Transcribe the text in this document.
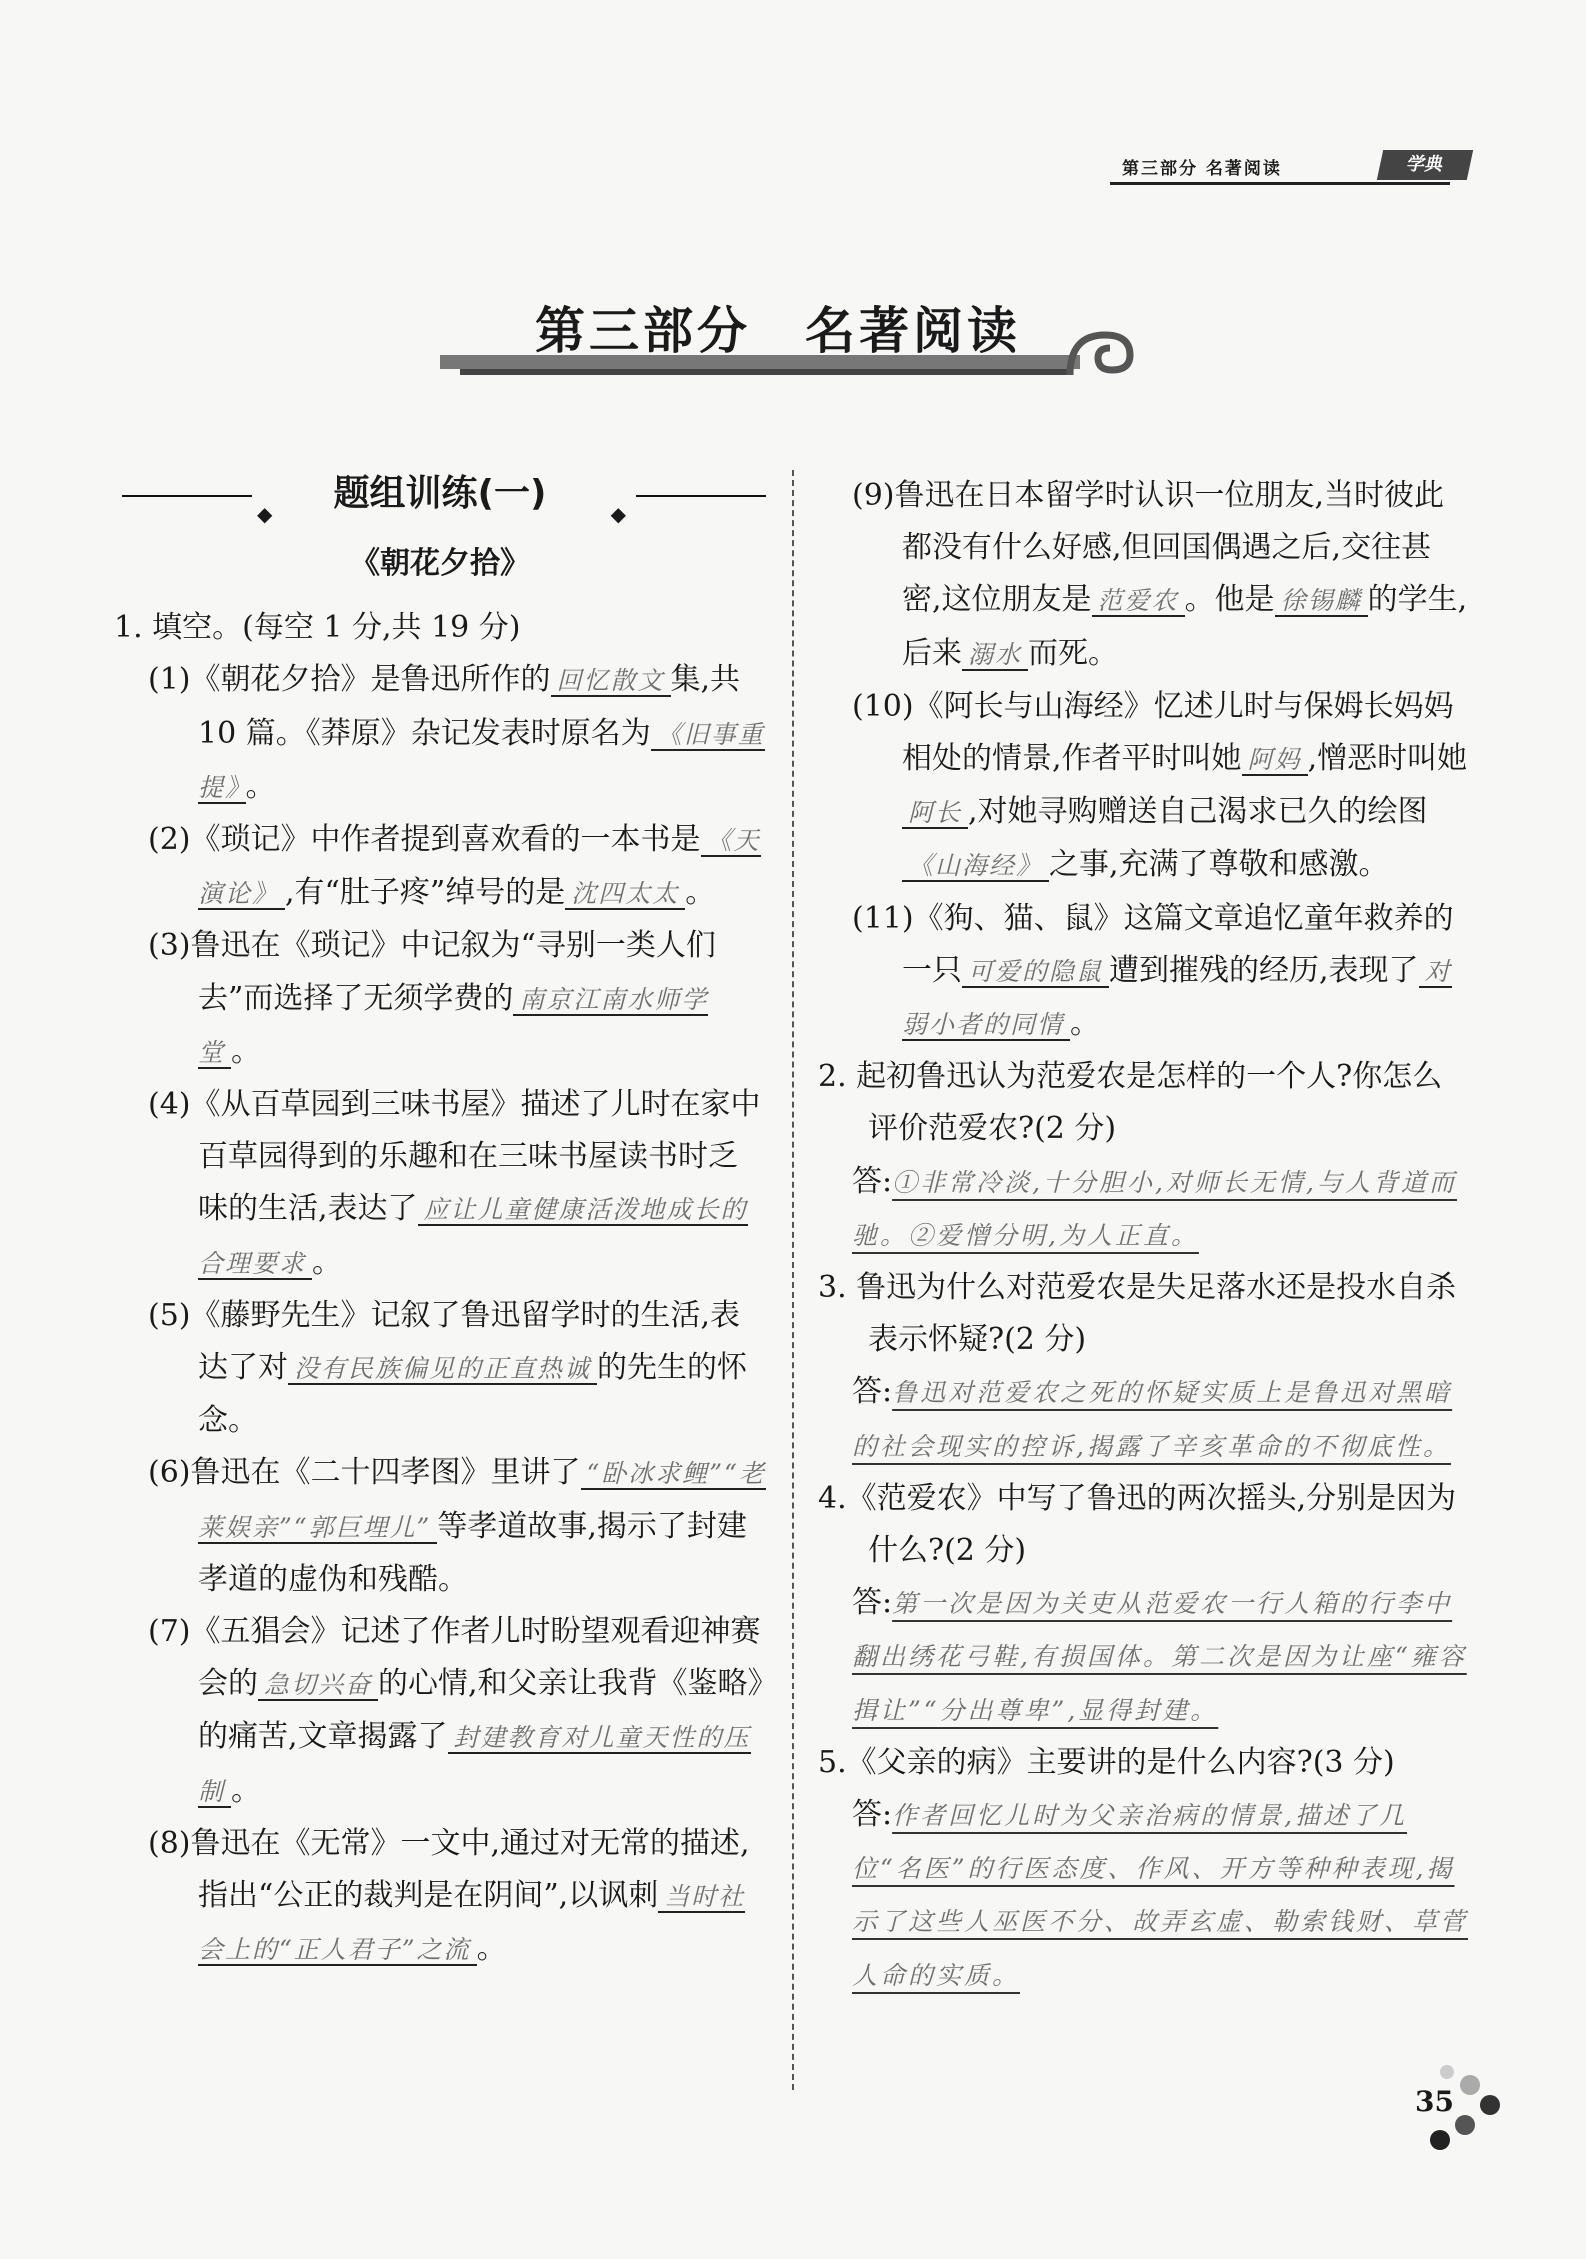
第三部分 名著阅读	学典
第三部分　名著阅读
◆ 题组训练(一)	◆
《朝花夕拾》

1. 填空。(每空 1 分,共 19 分)

(1)《朝花夕拾》是鲁迅所作的 回忆散文 集,共 10 篇。《莽原》杂记发表时原名为 《旧事重提》 。

(2)《琐记》中作者提到喜欢看的一本书是 《天演论》 ,有“肚子疼”绰号的是 沈四太太 。

(3)鲁迅在《琐记》中记叙为“寻别一类人们去”而选择了无须学费的 南京江南水师学堂 。

(4)《从百草园到三味书屋》描述了儿时在家中百草园得到的乐趣和在三味书屋读书时乏味的生活,表达了 应让儿童健康活泼地成长的合理要求 。

(5)《藤野先生》记叙了鲁迅留学时的生活,表达了对 没有民族偏见的正直热诚 的先生的怀念。

(6)鲁迅在《二十四孝图》里讲了 “卧冰求鲤”“老莱娱亲”“郭巨埋儿” 等孝道故事,揭示了封建孝道的虚伪和残酷。

(7)《五猖会》记述了作者儿时盼望观看迎神赛会的 急切兴奋 的心情,和父亲让我背《鉴略》的痛苦,文章揭露了 封建教育对儿童天性的压制 。

(8)鲁迅在《无常》一文中,通过对无常的描述,指出“公正的裁判是在阴间”,以讽刺 当时社会上的“正人君子”之流 。

(9)鲁迅在日本留学时认识一位朋友,当时彼此都没有什么好感,但回国偶遇之后,交往甚密,这位朋友是 范爱农 。他是 徐锡麟 的学生,后来 溺水 而死。

(10)《阿长与山海经》忆述儿时与保姆长妈妈相处的情景,作者平时叫她 阿妈 ,憎恶时叫她阿长 ,对她寻购赠送自己渴求已久的绘图《山海经》 之事,充满了尊敬和感激。

(11)《狗、猫、鼠》这篇文章追忆童年救养的一只 可爱的隐鼠 遭到摧残的经历,表现了 对弱小者的同情 。

2. 起初鲁迅认为范爱农是怎样的一个人?你怎么评价范爱农?(2 分)

答:①非常冷淡,十分胆小,对师长无情,与人背道而驰。②爱憎分明,为人正直。

3. 鲁迅为什么对范爱农是失足落水还是投水自杀表示怀疑?(2 分)

答:鲁迅对范爱农之死的怀疑实质上是鲁迅对黑暗的社会现实的控诉,揭露了辛亥革命的不彻底性。

4.《范爱农》中写了鲁迅的两次摇头,分别是因为什么?(2 分)

答:第一次是因为关吏从范爱农一行人箱的行李中翻出绣花弓鞋,有损国体。第二次是因为让座“雍容揖让”“分出尊卑”,显得封建。

5.《父亲的病》主要讲的是什么内容?(3 分)

答:作者回忆儿时为父亲治病的情景,描述了几位“名医”的行医态度、作风、开方等种种表现,揭示了这些人巫医不分、故弄玄虚、勒索钱财、草菅人命的实质。

35
